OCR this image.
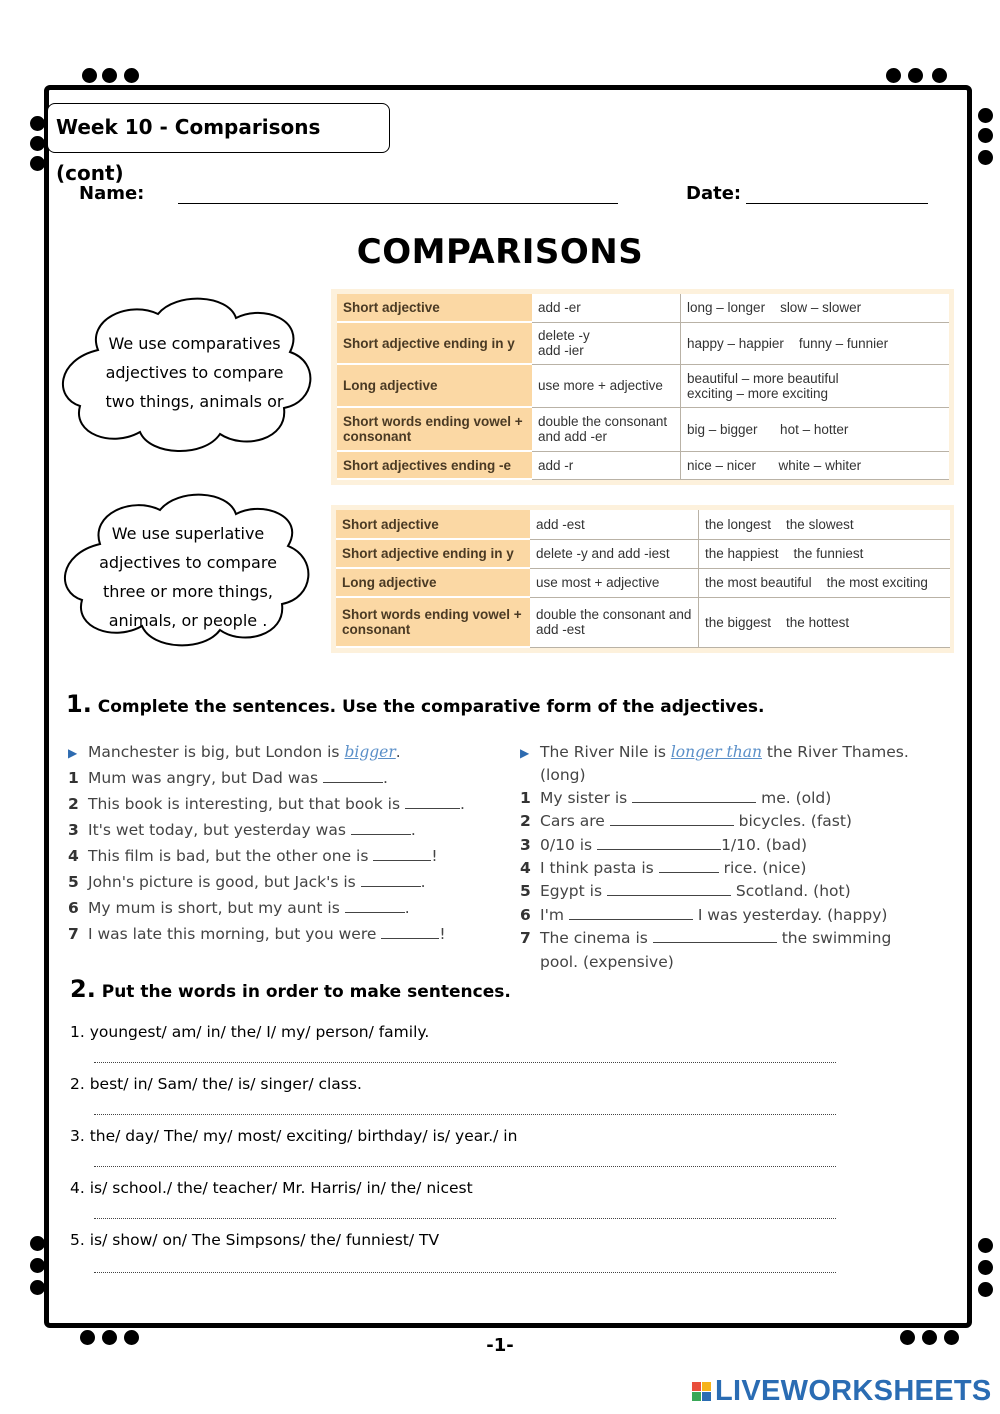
Week 10 - Comparisons (cont)
Name:	Date:
COMPARISONS
We use comparatives
adjectives to compare
two things, animals or
We use superlative
adjectives to compare
three or more things,
animals, or people .
Short adjective	add -er	long – longer    slow – slower
Short adjective ending in y	delete -y
add -ier	happy – happier    funny – funnier
Long adjective	use more + adjective	beautiful – more beautiful
exciting – more exciting
Short words ending vowel + consonant	double the consonant
and add -er	big – bigger      hot – hotter
Short adjectives ending -e	add -r	nice – nicer      white – whiter
Short adjective	add -est	the longest    the slowest
Short adjective ending in y	delete -y and add -iest	the happiest    the funniest
Long adjective	use most + adjective	the most beautiful    the most exciting
Short words ending vowel + consonant	double the consonant and
add -est	the biggest    the hottest
1. Complete the sentences. Use the comparative form of the adjectives.
▶ Manchester is big, but London is bigger.
1 Mum was angry, but Dad was	.
2 This book is interesting, but that book is	.
3 It's wet today, but yesterday was	.
4 This film is bad, but the other one is	!
5 John's picture is good, but Jack's is	.
6 My mum is short, but my aunt is	.
7 I was late this morning, but you were	!
▶ The River Nile is longer than the River Thames.
(long)
1 My sister is	me. (old)
2 Cars are	bicycles. (fast)
3 0/10 is	1/10. (bad)
4 I think pasta is	rice. (nice)
5 Egypt is	Scotland. (hot)
6 I'm	I was yesterday. (happy)
7 The cinema is	the swimming
pool. (expensive)
2. Put the words in order to make sentences.
1. youngest/ am/ in/ the/ I/ my/ person/ family.
2. best/ in/ Sam/ the/ is/ singer/ class.
3. the/ day/ The/ my/ most/ exciting/ birthday/ is/ year./ in
4. is/ school./ the/ teacher/ Mr. Harris/ in/ the/ nicest
5. is/ show/ on/ The Simpsons/ the/ funniest/ TV
-1-
LIVEWORKSHEETS
